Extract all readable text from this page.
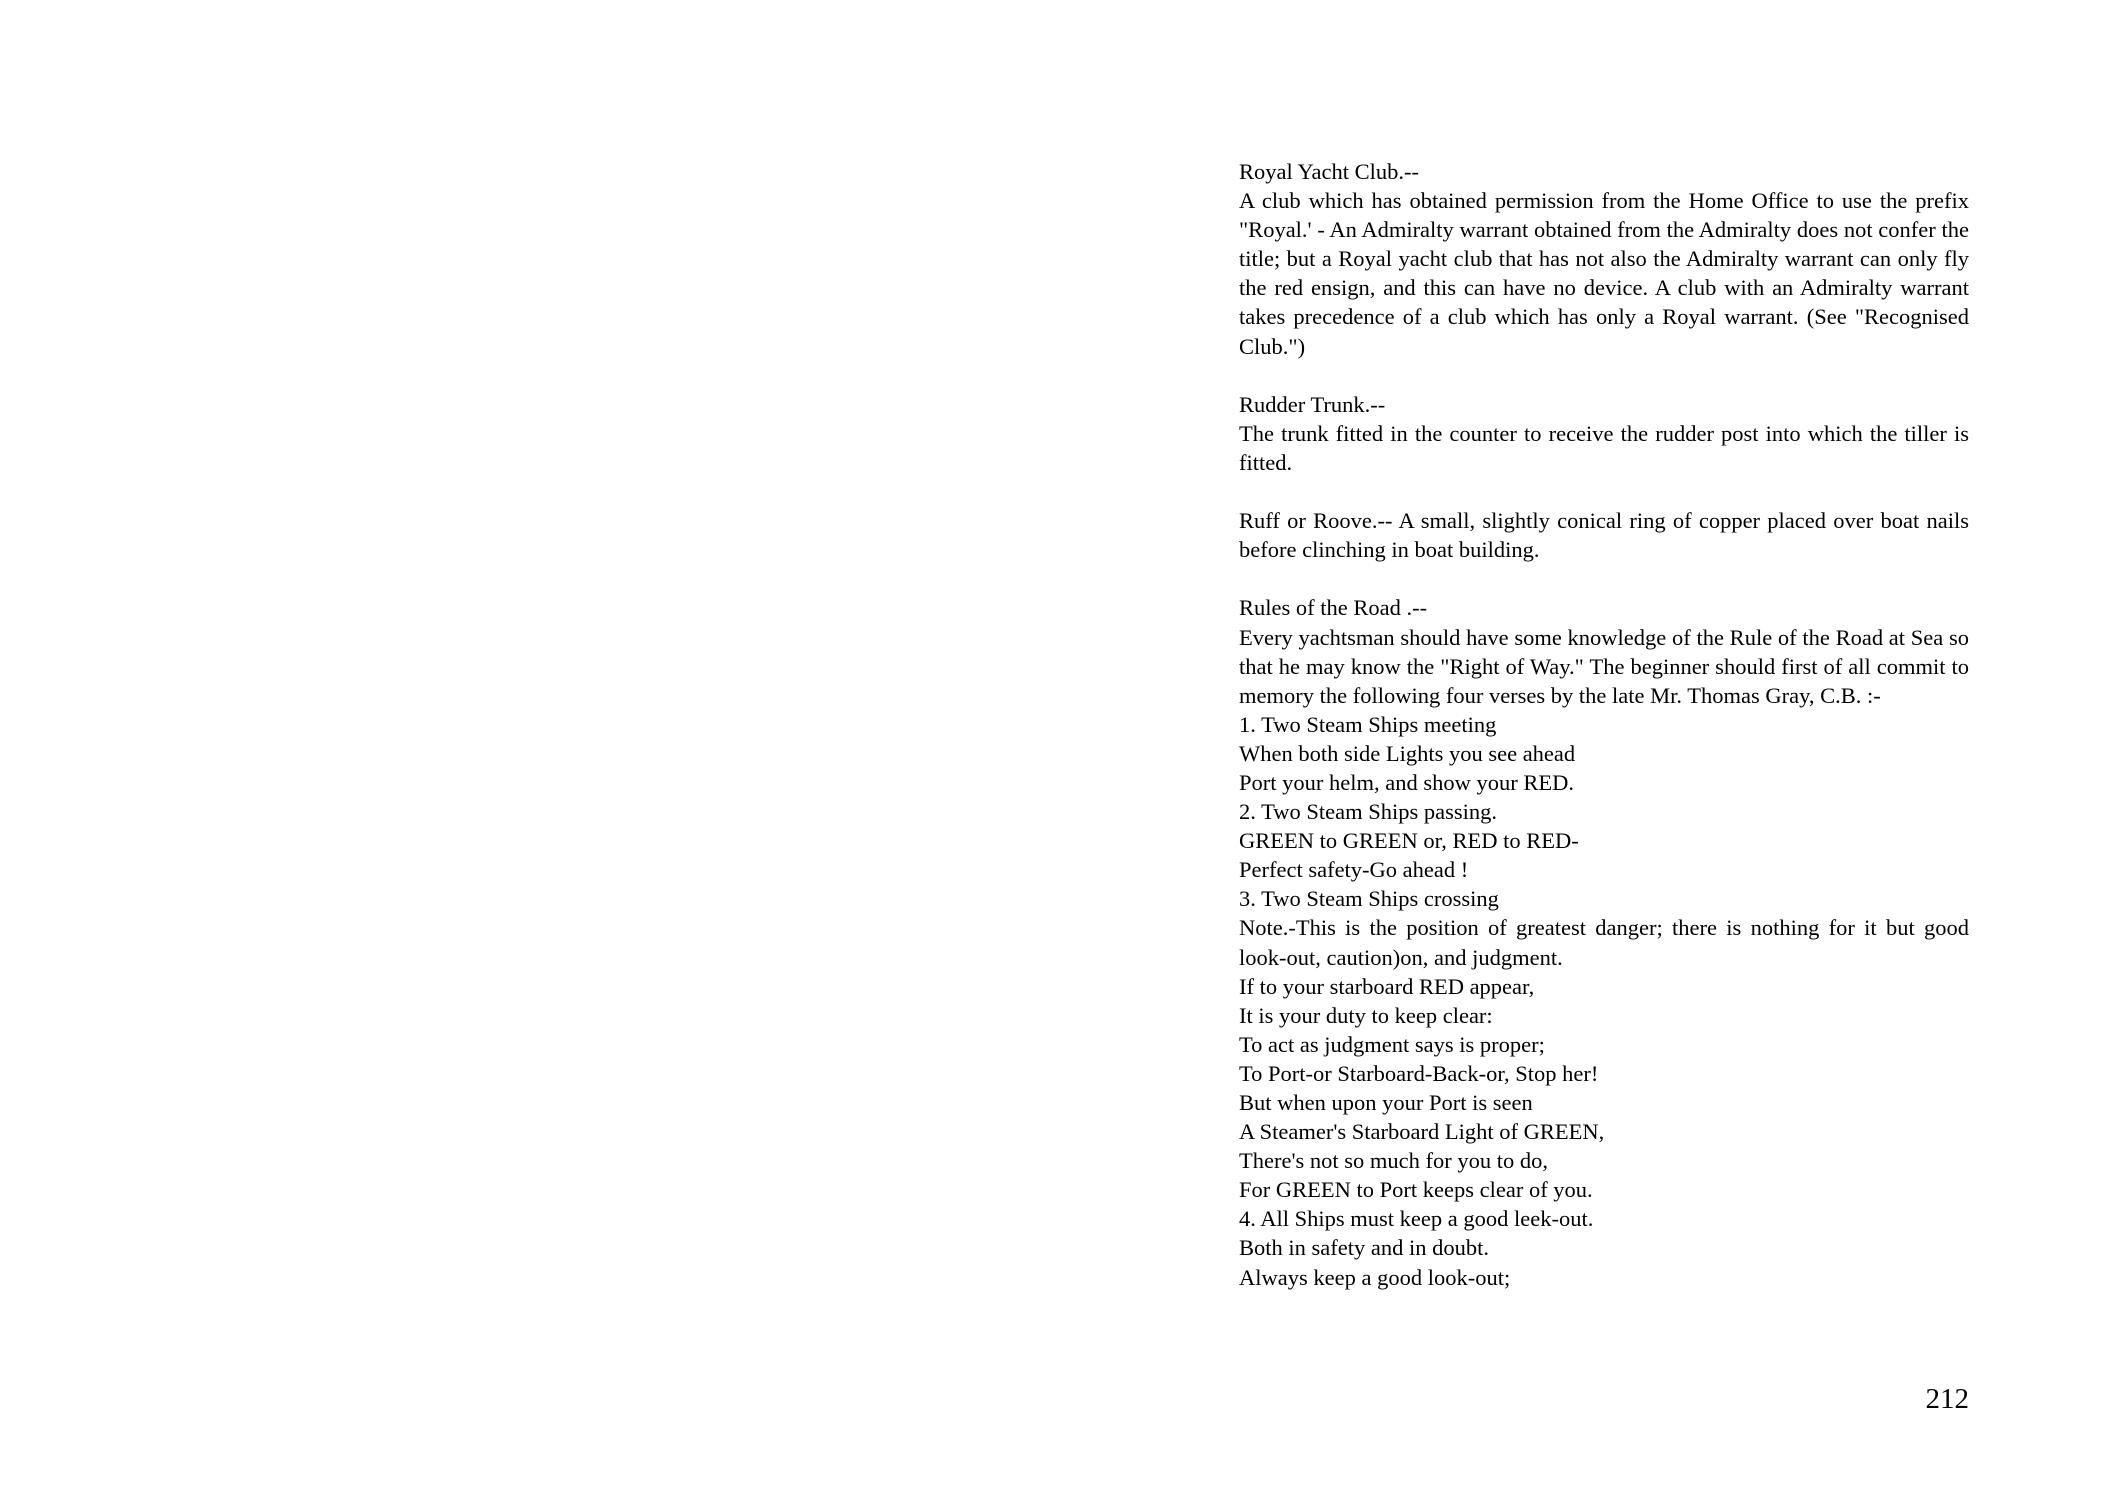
Royal Yacht Club.--
A club which has obtained permission from the Home Office to use the prefix "Royal.' - An Admiralty warrant obtained from the Admiralty does not confer the title; but a Royal yacht club that has not also the Admiralty warrant can only fly the red ensign, and this can have no device. A club with an Admiralty warrant takes precedence of a club which has only a Royal warrant. (See "Recognised Club.")
Rudder Trunk.--
The trunk fitted in the counter to receive the rudder post into which the tiller is fitted.
Ruff or Roove.-- A small, slightly conical ring of copper placed over boat nails before clinching in boat building.
Rules of the Road .--
Every yachtsman should have some knowledge of the Rule of the Road at Sea so that he may know the "Right of Way." The beginner should first of all commit to memory the following four verses by the late Mr. Thomas Gray, C.B. :-
1. Two Steam Ships meeting
When both side Lights you see ahead
Port your helm, and show your RED.
2. Two Steam Ships passing.
GREEN to GREEN or, RED to RED-
Perfect safety-Go ahead !
3. Two Steam Ships crossing
Note.-This is the position of greatest danger; there is nothing for it but good look-out, caution)on, and judgment.
If to your starboard RED appear,
It is your duty to keep clear:
To act as judgment says is proper;
To Port-or Starboard-Back-or, Stop her!
But when upon your Port is seen
A Steamer's Starboard Light of GREEN,
There's not so much for you to do,
For GREEN to Port keeps clear of you.
4. All Ships must keep a good leek-out.
Both in safety and in doubt.
Always keep a good look-out;
212
